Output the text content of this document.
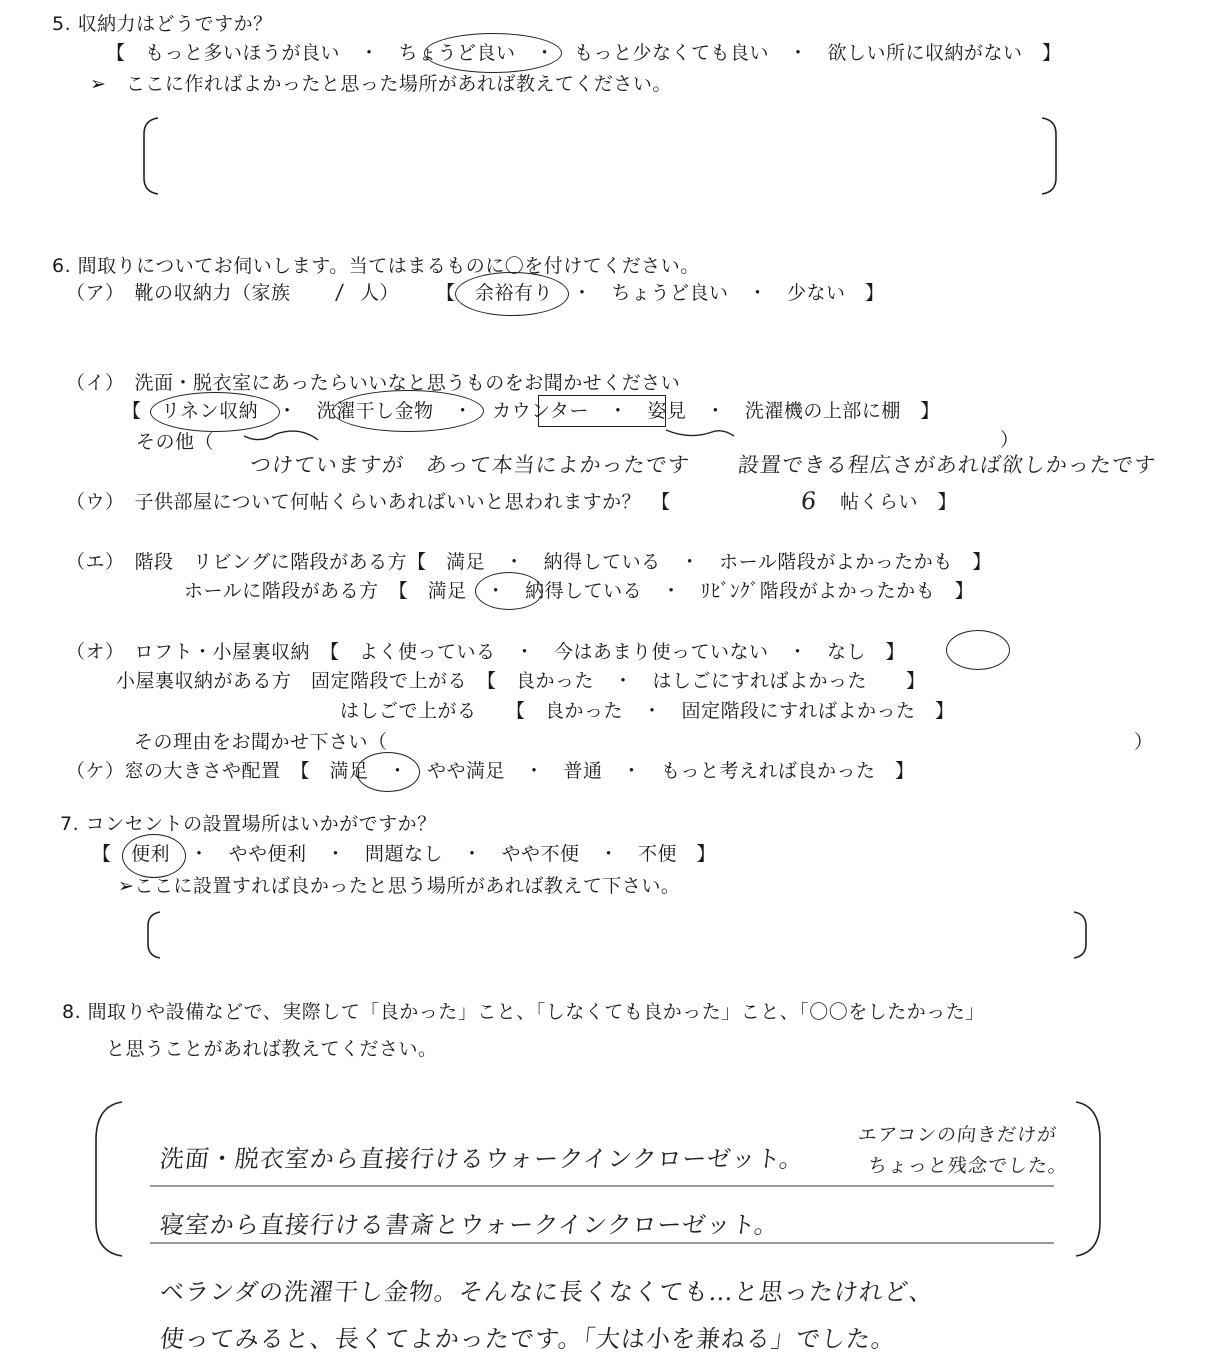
5. 収納力はどうですか？
【　もっと多いほうが良い　・　ちょうど良い　・　もっと少なくても良い　・　欲しい所に収納がない　】
➢　ここに作ればよかったと思った場所があれば教えてください。
6. 間取りについてお伺いします。当てはまるものに〇を付けてください。
（ア）　靴の収納力（家族 / 人） 【　余裕有り　・　ちょうど良い　・　少ない　】
（イ）　洗面・脱衣室にあったらいいなと思うものをお聞かせください
【　リネン収納　・　洗濯干し金物　・　カウンター　・　姿見　・　洗濯機の上部に棚　】
その他（	）
つけていますが　あって本当によかったです 設置できる程広さがあれば欲しかったです
（ウ）　子供部屋について何帖くらいあればいいと思われますか？　【	6 帖くらい　】
（エ）　階段　リビングに階段がある方【　満足　・　納得している　・　ホール階段がよかったかも　】
ホールに階段がある方　【　満足　・　納得している　・　ﾘﾋﾞﾝｸﾞ階段がよかったかも　】
（オ）　ロフト・小屋裏収納　【　よく使っている　・　今はあまり使っていない　・　なし　】
小屋裏収納がある方　固定階段で上がる　【　良かった　・　はしごにすればよかった　　】
はしごで上がる　　【　良かった　・　固定階段にすればよかった　】
その理由をお聞かせ下さい（	）
（ケ）窓の大きさや配置　【　満足　・　やや満足　・　普通　・　もっと考えれば良かった　】
7. コンセントの設置場所はいかがですか？
【　便利　・　やや便利　・　問題なし　・　やや不便　・　不便　】
➢ここに設置すれば良かったと思う場所があれば教えて下さい。
8. 間取りや設備などで、実際して「良かった」こと、「しなくても良かった」こと、「〇〇をしたかった」
と思うことがあれば教えてください。
洗面・脱衣室から直接行けるウォークインクローゼット。
エアコンの向きだけが
ちょっと残念でした。
寝室から直接行ける書斎とウォークインクローゼット。
ベランダの洗濯干し金物。そんなに長くなくても…と思ったけれど、
使ってみると、長くてよかったです。「大は小を兼ねる」でした。
